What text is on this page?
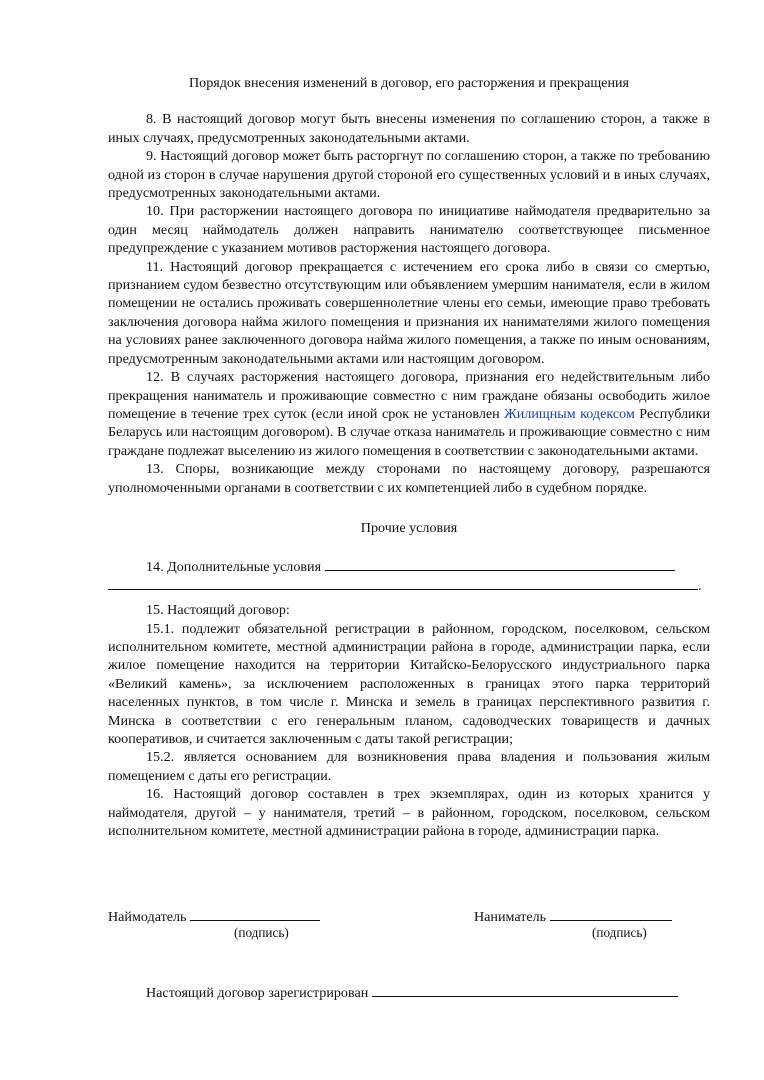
Порядок внесения изменений в договор, его расторжения и прекращения

8. В настоящий договор могут быть внесены изменения по соглашению сторон, а также в иных случаях, предусмотренных законодательными актами.

9. Настоящий договор может быть расторгнут по соглашению сторон, а также по требованию одной из сторон в случае нарушения другой стороной его существенных условий и в иных случаях, предусмотренных законодательными актами.

10. При расторжении настоящего договора по инициативе наймодателя предварительно за один месяц наймодатель должен направить нанимателю соответствующее письменное предупреждение с указанием мотивов расторжения настоящего договора.

11. Настоящий договор прекращается с истечением его срока либо в связи со смертью, признанием судом безвестно отсутствующим или объявлением умершим нанимателя, если в жилом помещении не остались проживать совершеннолетние члены его семьи, имеющие право требовать заключения договора найма жилого помещения и признания их нанимателями жилого помещения на условиях ранее заключенного договора найма жилого помещения, а также по иным основаниям, предусмотренным законодательными актами или настоящим договором.

12. В случаях расторжения настоящего договора, признания его недействительным либо прекращения наниматель и проживающие совместно с ним граждане обязаны освободить жилое помещение в течение трех суток (если иной срок не установлен Жилищным кодексом Республики Беларусь или настоящим договором). В случае отказа наниматель и проживающие совместно с ним граждане подлежат выселению из жилого помещения в соответствии с законодательными актами.

13. Споры, возникающие между сторонами по настоящему договору, разрешаются уполномоченными органами в соответствии с их компетенцией либо в судебном порядке.

Прочие условия

14. Дополнительные условия

.

15. Настоящий договор:

15.1. подлежит обязательной регистрации в районном, городском, поселковом, сельском исполнительном комитете, местной администрации района в городе, администрации парка, если жилое помещение находится на территории Китайско-Белорусского индустриального парка «Великий камень», за исключением расположенных в границах этого парка территорий населенных пунктов, в том числе г. Минска и земель в границах перспективного развития г. Минска в соответствии с его генеральным планом, садоводческих товариществ и дачных кооперативов, и считается заключенным с даты такой регистрации;

15.2. является основанием для возникновения права владения и пользования жилым помещением с даты его регистрации.

16. Настоящий договор составлен в трех экземплярах, один из которых хранится у наймодателя, другой – у нанимателя, третий – в районном, городском, поселковом, сельском исполнительном комитете, местной администрации района в городе, администрации парка.

Наймодатель
(подпись)
Наниматель
(подпись)
Настоящий договор зарегистрирован
